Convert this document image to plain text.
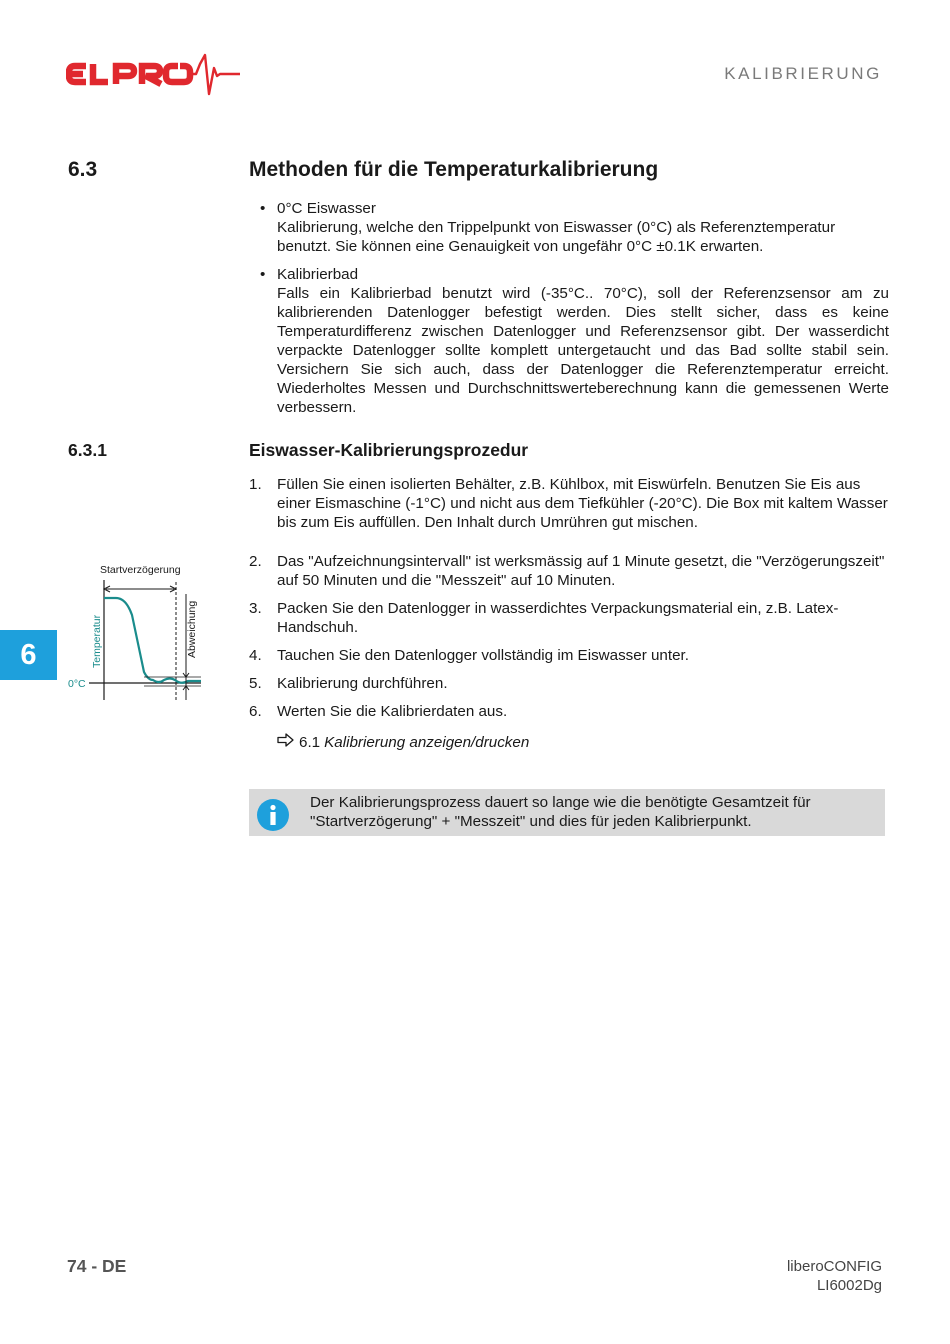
KALIBRIERUNG
6.3	Methoden für die Temperaturkalibrierung
• 0°C Eiswasser
Kalibrierung, welche den Trippelpunkt von Eiswasser (0°C) als Referenztemperatur benutzt. Sie können eine Genauigkeit von ungefähr 0°C ±0.1K erwarten.
• Kalibrierbad
Falls ein Kalibrierbad benutzt wird (-35°C.. 70°C), soll der Referenzsensor am zu kalibrierenden Datenlogger befestigt werden. Dies stellt sicher, dass es keine Temperaturdifferenz zwischen Datenlogger und Referenzsensor gibt. Der wasserdicht verpackte Datenlogger sollte komplett untergetaucht und das Bad sollte stabil sein. Versichern Sie sich auch, dass der Datenlogger die Referenztemperatur erreicht. Wiederholtes Messen und Durchschnittswerteberechnung kann die gemessenen Werte verbessern.
6.3.1	Eiswasser-Kalibrierungsprozedur
1. Füllen Sie einen isolierten Behälter, z.B. Kühlbox, mit Eiswürfeln. Benutzen Sie Eis aus einer Eismaschine (-1°C) und nicht aus dem Tiefkühler (-20°C). Die Box mit kaltem Wasser bis zum Eis auffüllen. Den Inhalt durch Umrühren gut mischen.
2. Das "Aufzeichnungsintervall" ist werksmässig auf 1 Minute gesetzt, die "Verzögerungszeit" auf 50 Minuten und die "Messzeit" auf 10 Minuten.
3. Packen Sie den Datenlogger in wasserdichtes Verpackungsmaterial ein, z.B. Latex-Handschuh.
4. Tauchen Sie den Datenlogger vollständig im Eiswasser unter.
5. Kalibrierung durchführen.
6. Werten Sie die Kalibrierdaten aus.
6.1 Kalibrierung anzeigen/drucken
Der Kalibrierungsprozess dauert so lange wie die benötigte Gesamtzeit für "Startverzögerung" + "Messzeit" und dies für jeden Kalibrierpunkt.
6
Startverzögerung
Temperatur	Abweichung
0°C
74 - DE	liberoCONFIG
LI6002Dg
